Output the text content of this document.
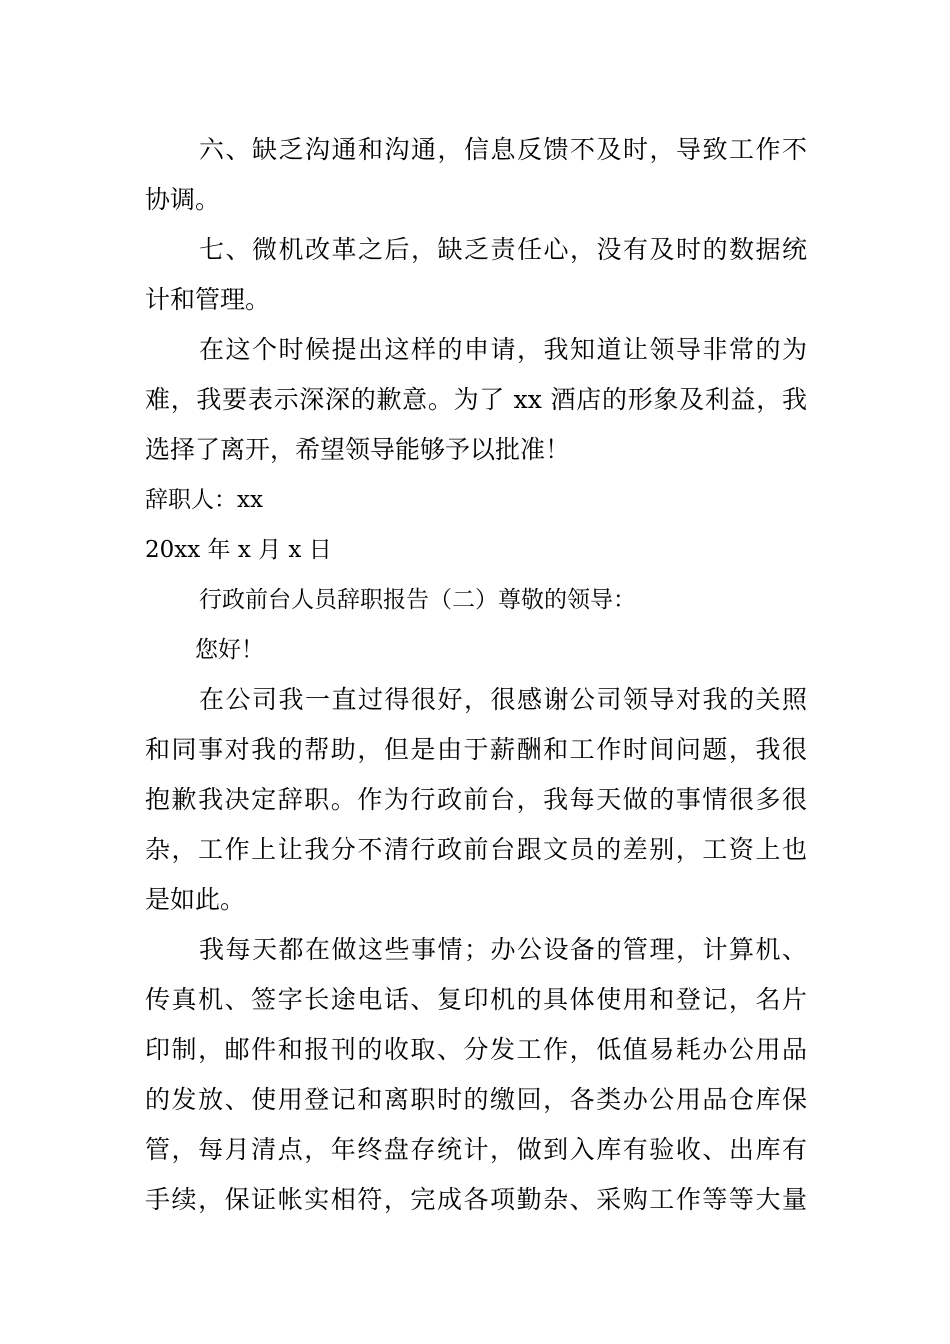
六、缺乏沟通和沟通，信息反馈不及时，导致工作不
协调。
七、微机改革之后，缺乏责任心，没有及时的数据统
计和管理。
在这个时候提出这样的申请，我知道让领导非常的为
难，我要表示深深的歉意。为了 xx 酒店的形象及利益，我
选择了离开，希望领导能够予以批准！
辞职人：xx
20xx 年 x 月 x 日
行政前台人员辞职报告（二）尊敬的领导：
您好！
在公司我一直过得很好，很感谢公司领导对我的关照
和同事对我的帮助，但是由于薪酬和工作时间问题，我很
抱歉我决定辞职。作为行政前台，我每天做的事情很多很
杂，工作上让我分不清行政前台跟文员的差别，工资上也
是如此。
我每天都在做这些事情；办公设备的管理，计算机、
传真机、签字长途电话、复印机的具体使用和登记，名片
印制，邮件和报刊的收取、分发工作，低值易耗办公用品
的发放、使用登记和离职时的缴回，各类办公用品仓库保
管，每月清点，年终盘存统计，做到入库有验收、出库有
手续，保证帐实相符，完成各项勤杂、采购工作等等大量
